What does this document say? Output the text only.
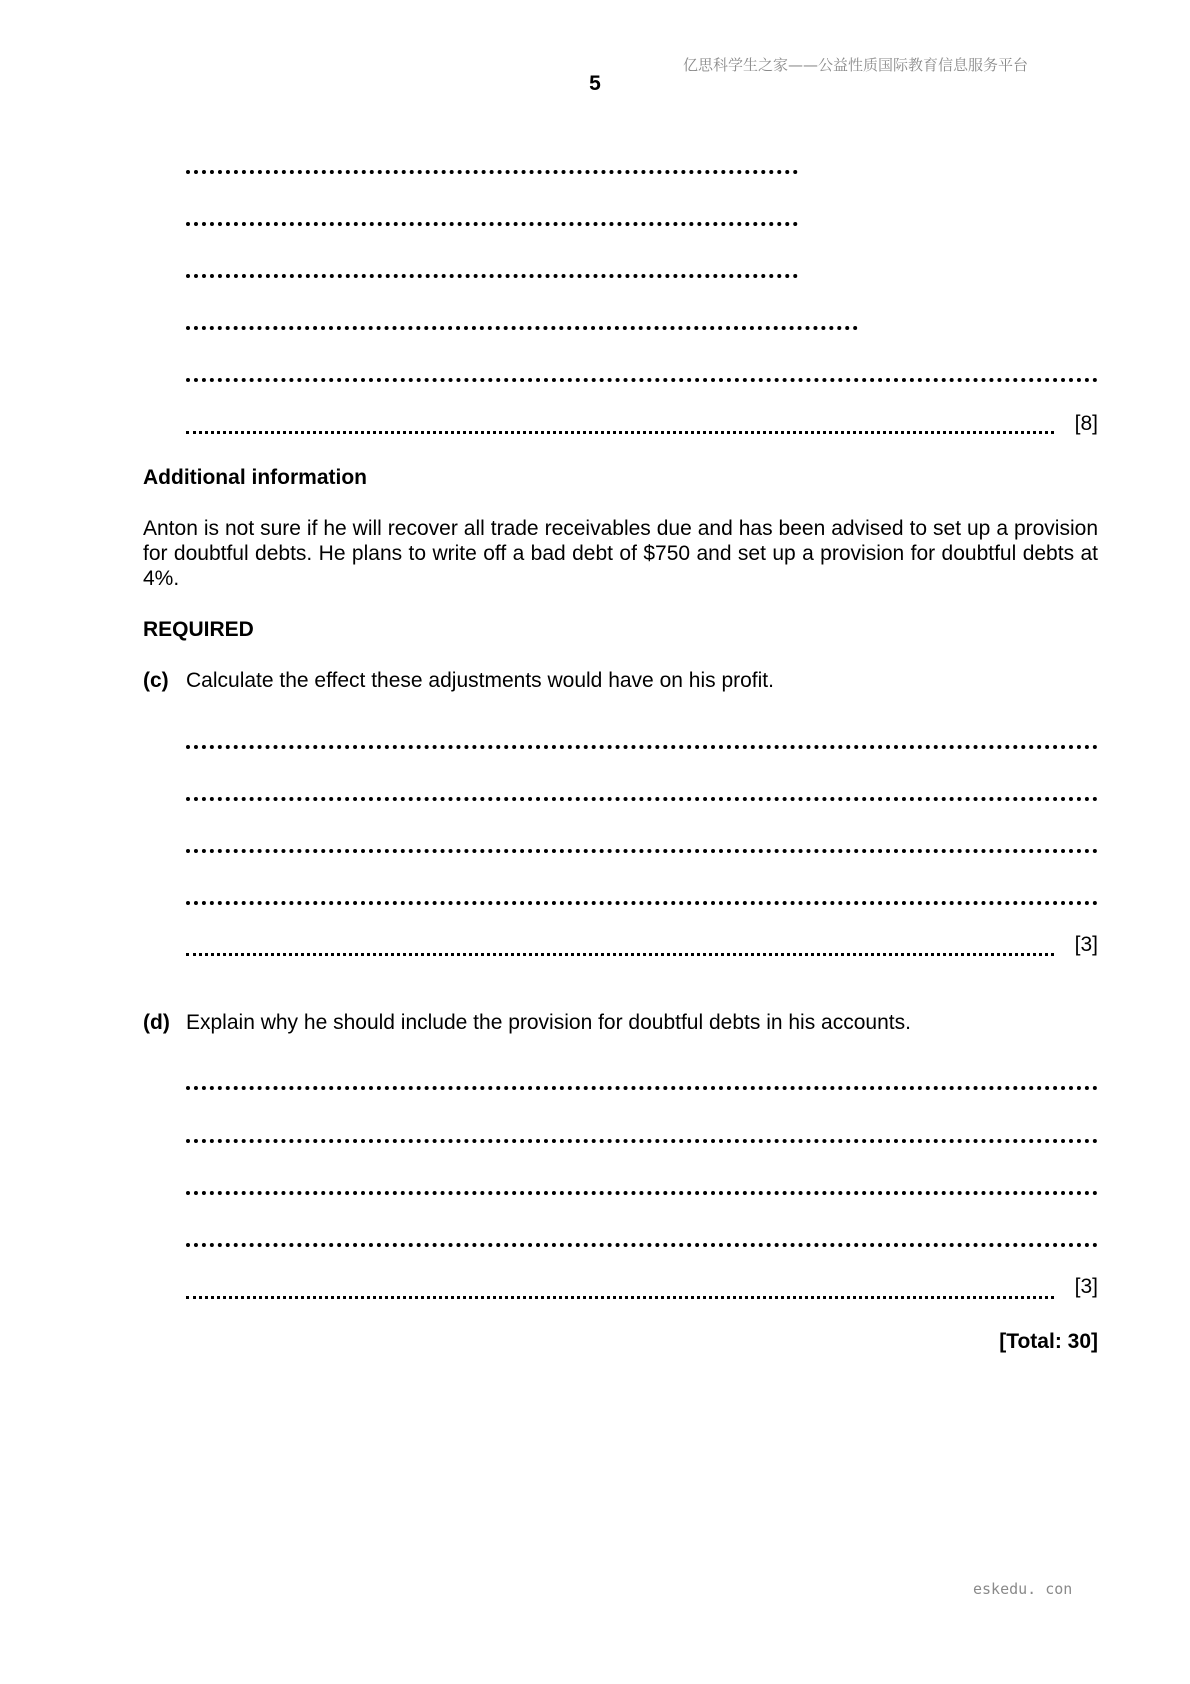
亿思科学生之家——公益性质国际教育信息服务平台
5
[8]
Additional information
Anton is not sure if he will recover all trade receivables due and has been advised to set up a provision for doubtful debts. He plans to write off a bad debt of $750 and set up a provision for doubtful debts at 4%.
REQUIRED
(c) Calculate the effect these adjustments would have on his profit.
[3]
(d) Explain why he should include the provision for doubtful debts in his accounts.
[3]
[Total: 30]
eskedu. con
